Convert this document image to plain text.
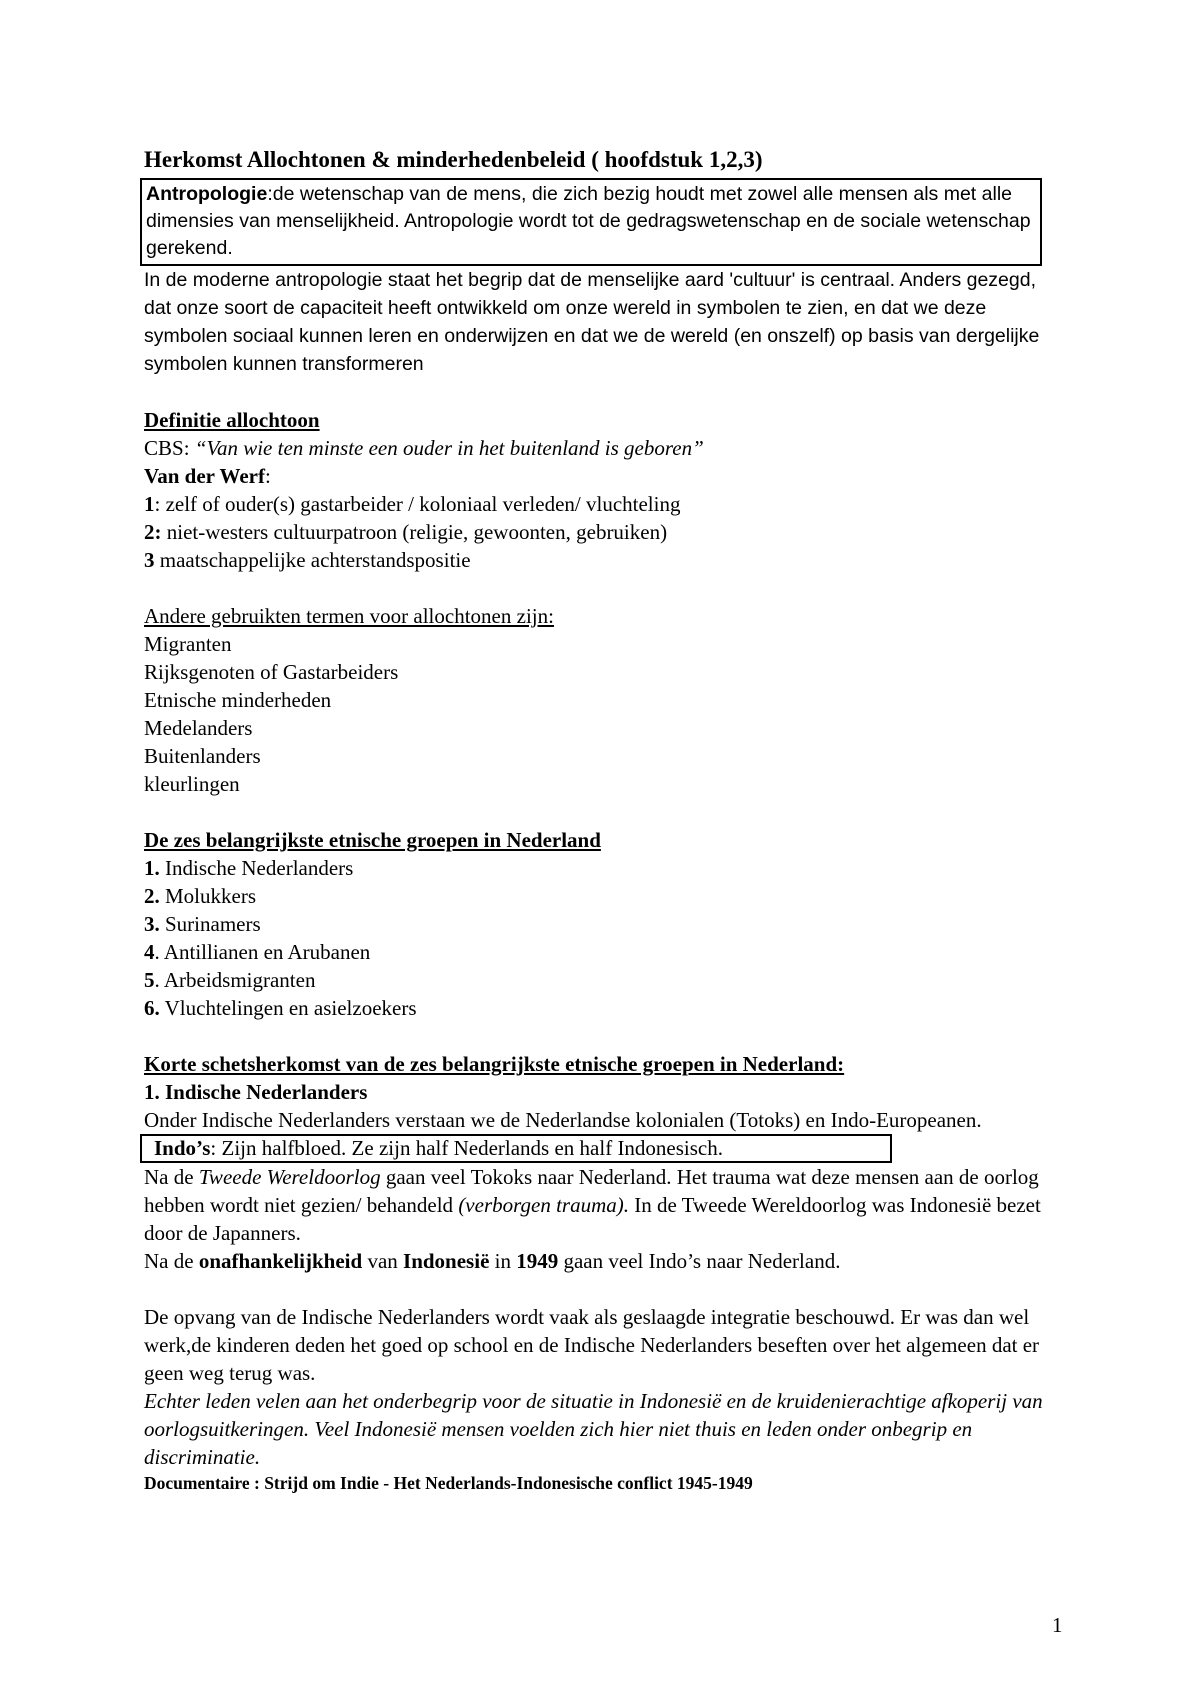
Herkomst Allochtonen & minderhedenbeleid ( hoofdstuk 1,2,3)

Antropologie:de wetenschap van de mens, die zich bezig houdt met zowel alle mensen als met alle dimensies van menselijkheid. Antropologie wordt tot de gedragswetenschap en de sociale wetenschap gerekend.

In de moderne antropologie staat het begrip dat de menselijke aard 'cultuur' is centraal. Anders gezegd, dat onze soort de capaciteit heeft ontwikkeld om onze wereld in symbolen te zien, en dat we deze symbolen sociaal kunnen leren en onderwijzen en dat we de wereld (en onszelf) op basis van dergelijke symbolen kunnen transformeren

Definitie allochtoon

CBS: “Van wie ten minste een ouder in het buitenland is geboren”

Van der Werf:

1: zelf of ouder(s) gastarbeider / koloniaal verleden/ vluchteling

2: niet-westers cultuurpatroon (religie, gewoonten, gebruiken)

3 maatschappelijke achterstandspositie

Andere gebruikten termen voor allochtonen zijn:

Migranten

Rijksgenoten of Gastarbeiders

Etnische minderheden

Medelanders

Buitenlanders

kleurlingen

De zes belangrijkste etnische groepen in Nederland

1. Indische Nederlanders

2. Molukkers

3. Surinamers

4. Antillianen en Arubanen

5. Arbeidsmigranten

6. Vluchtelingen en asielzoekers

Korte schetsherkomst van de zes belangrijkste etnische groepen in Nederland:

1. Indische Nederlanders

Onder Indische Nederlanders verstaan we de Nederlandse kolonialen (Totoks) en Indo-Europeanen.

Indo’s: Zijn halfbloed. Ze zijn half Nederlands en half Indonesisch.

Na de Tweede Wereldoorlog gaan veel Tokoks naar Nederland. Het trauma wat deze mensen aan de oorlog hebben wordt niet gezien/ behandeld (verborgen trauma). In de Tweede Wereldoorlog was Indonesië bezet door de Japanners.

Na de onafhankelijkheid van Indonesië in 1949 gaan veel Indo’s naar Nederland.

De opvang van de Indische Nederlanders wordt vaak als geslaagde integratie beschouwd. Er was dan wel werk,de kinderen deden het goed op school en de Indische Nederlanders beseften over het algemeen dat er geen weg terug was.

Echter leden velen aan het onderbegrip voor de situatie in Indonesië en de kruidenierachtige afkoperij van oorlogsuitkeringen. Veel Indonesië mensen voelden zich hier niet thuis en leden onder onbegrip en discriminatie.

Documentaire : Strijd om Indie - Het Nederlands-Indonesische conflict 1945-1949

1
